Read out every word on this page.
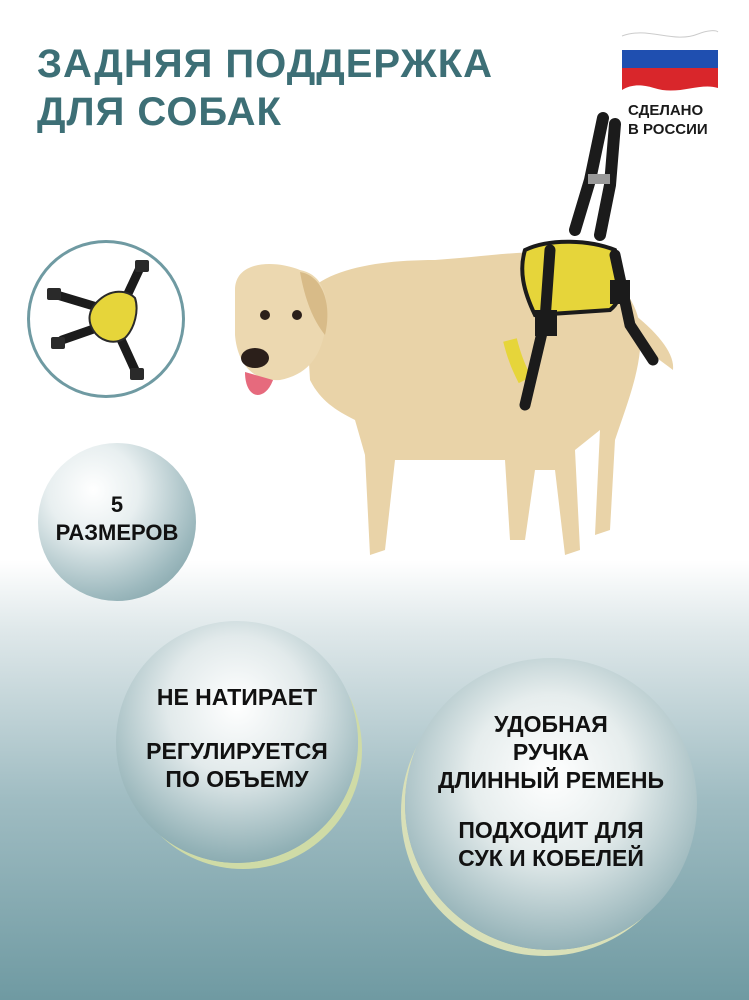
ЗАДНЯЯ ПОДДЕРЖКА
ДЛЯ СОБАК	СДЕЛАНО
В РОССИИ
5
РАЗМЕРОВ
НЕ НАТИРАЕТ
РЕГУЛИРУЕТСЯ
ПО ОБЪЕМУ
УДОБНАЯ
РУЧКА
ДЛИННЫЙ РЕМЕНЬ
ПОДХОДИТ ДЛЯ
СУК И КОБЕЛЕЙ
